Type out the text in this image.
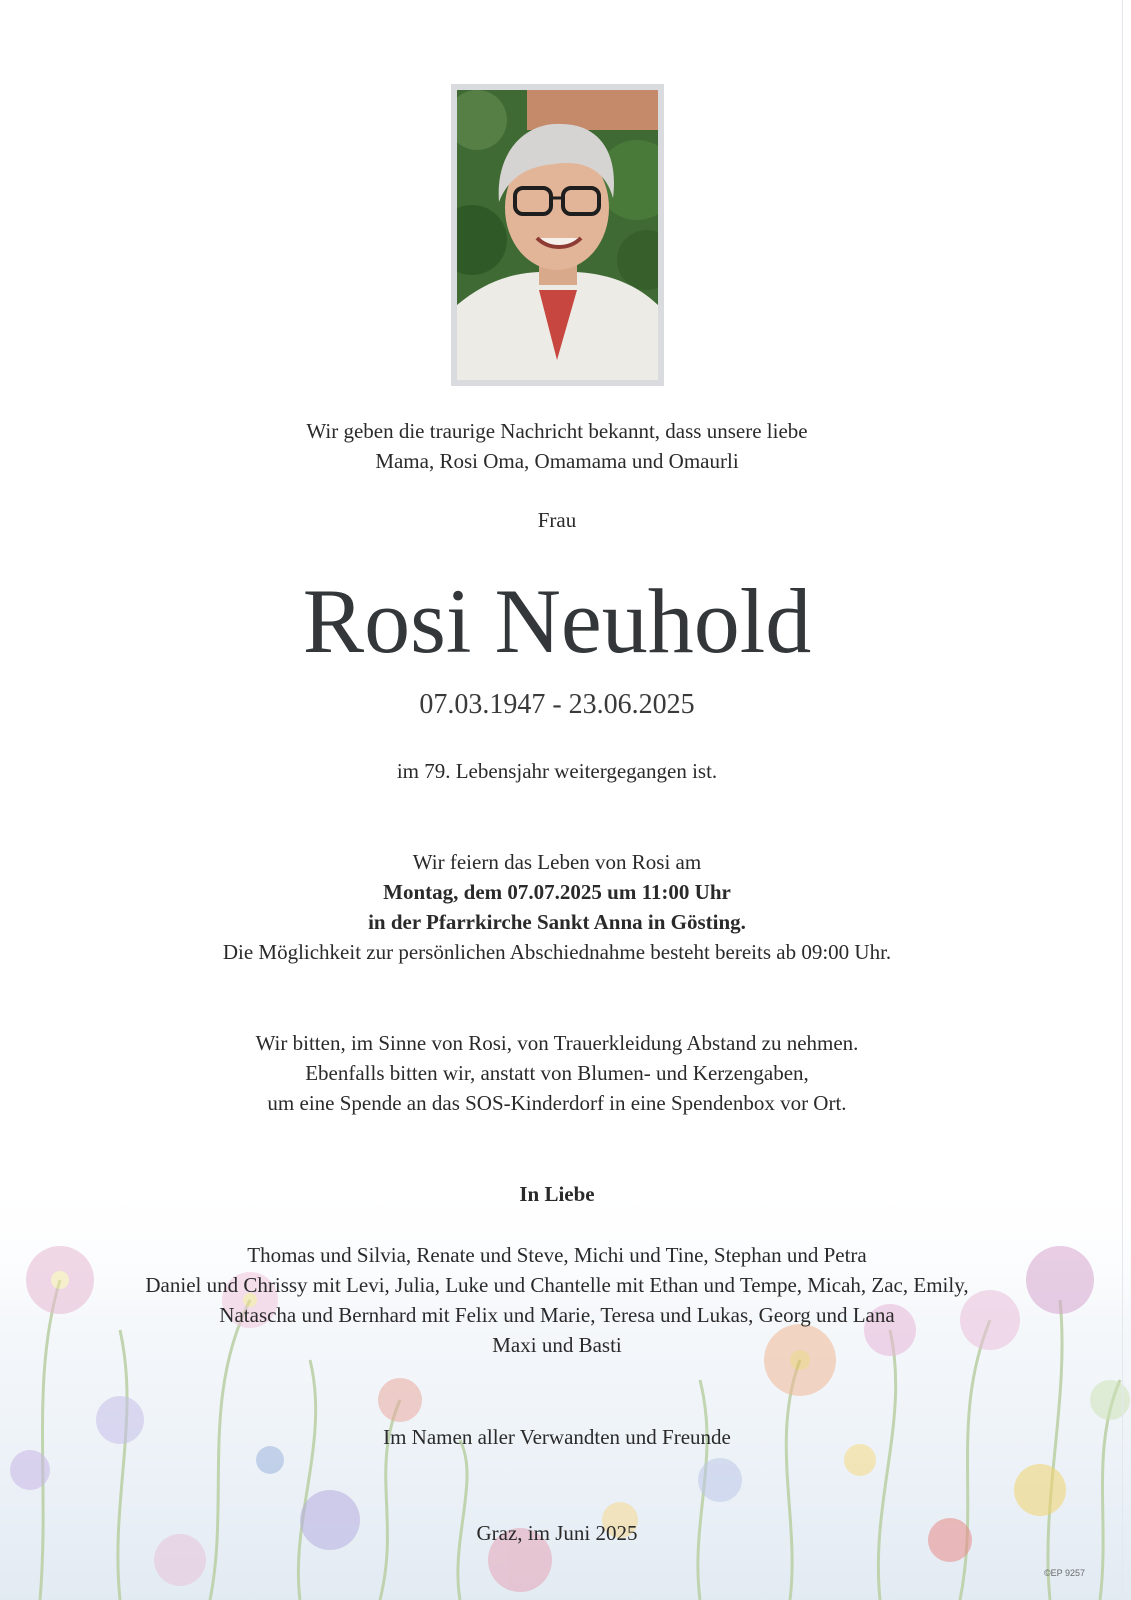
Wir geben die traurige Nachricht bekannt, dass unsere liebe
Mama, Rosi Oma, Omamama und Omaurli
Frau
Rosi Neuhold
07.03.1947 - 23.06.2025
im 79. Lebensjahr weitergegangen ist.
Wir feiern das Leben von Rosi am
Montag, dem 07.07.2025 um 11:00 Uhr
in der Pfarrkirche Sankt Anna in Gösting.
Die Möglichkeit zur persönlichen Abschiednahme besteht bereits ab 09:00 Uhr.
Wir bitten, im Sinne von Rosi, von Trauerkleidung Abstand zu nehmen.
Ebenfalls bitten wir, anstatt von Blumen- und Kerzengaben,
um eine Spende an das SOS-Kinderdorf in eine Spendenbox vor Ort.
In Liebe
Thomas und Silvia, Renate und Steve, Michi und Tine, Stephan und Petra
Daniel und Chrissy mit Levi, Julia, Luke und Chantelle mit Ethan und Tempe, Micah, Zac, Emily,
Natascha und Bernhard mit Felix und Marie, Teresa und Lukas, Georg und Lana
Maxi und Basti
Im Namen aller Verwandten und Freunde
Graz, im Juni 2025
©EP 9257
